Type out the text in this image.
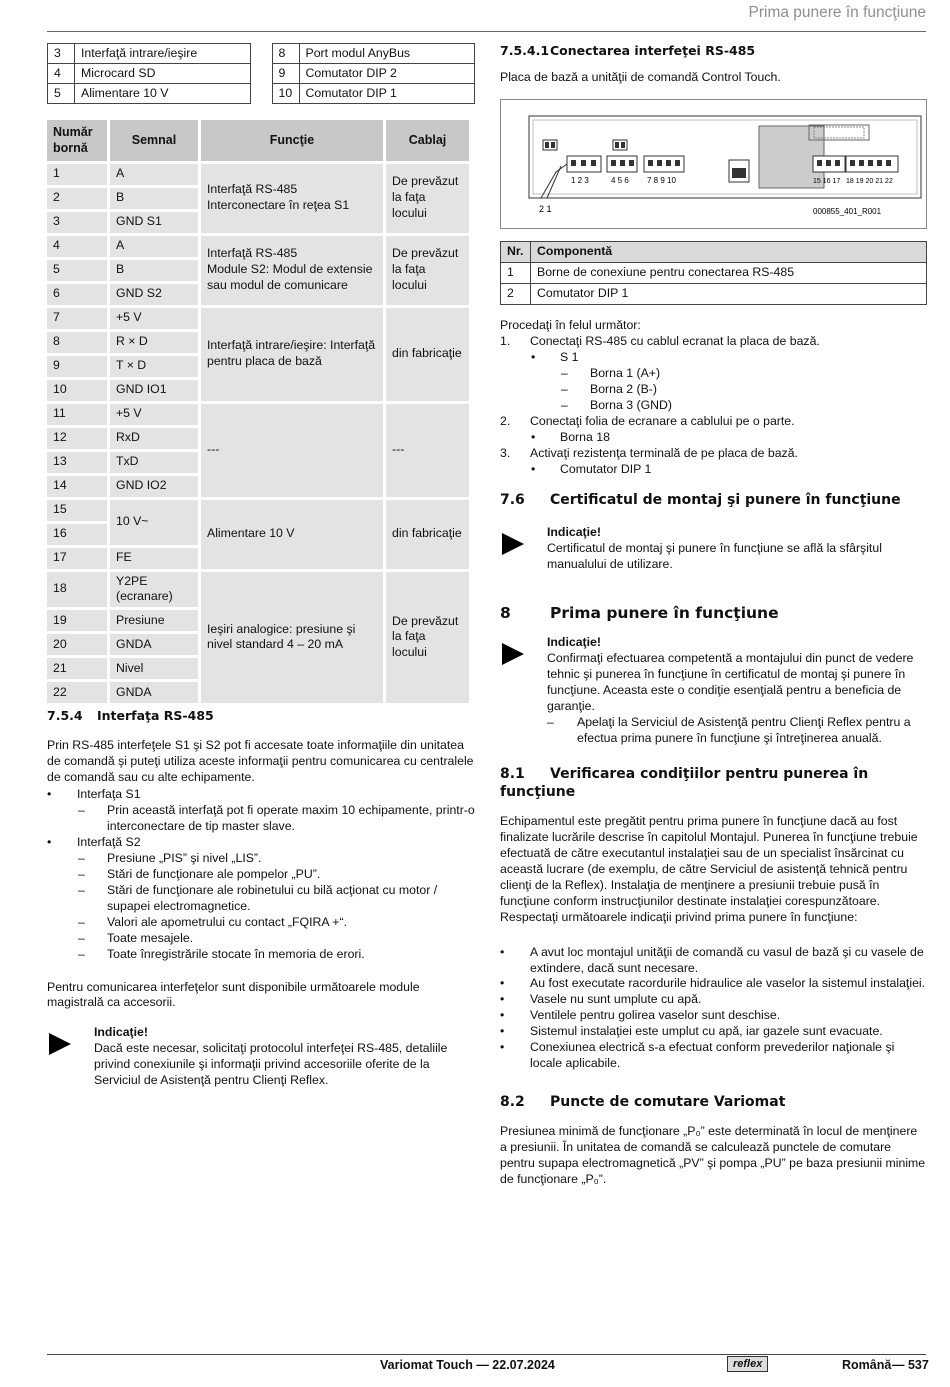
Prima punere în funcţiune
3	Interfaţă intrare/ieşire
4	Microcard SD
5	Alimentare 10 V
8	Port modul AnyBus
9	Comutator DIP 2
10	Comutator DIP 1
Număr bornă	Semnal	Funcţie	Cablaj
1	A	Interfaţă RS-485
Interconectare în reţea S1	De prevăzut la faţa locului
2	B		
3	GND S1		
4	A	Interfaţă RS-485
Module S2: Modul de extensie sau modul de comunicare	De prevăzut la faţa locului
5	B		
6	GND S2		
7	+5 V	Interfaţă intrare/ieşire: Interfaţă pentru placa de bază	din fabricaţie
8	R × D		
9	T × D		
10	GND IO1		
11	+5 V	---	---
12	RxD		
13	TxD		
14	GND IO2		
15	10 V~	Alimentare 10 V	din fabricaţie
16			
17	FE		
18	Y2PE (ecranare)	Ieşiri analogice: presiune şi nivel standard 4 – 20 mA	De prevăzut la faţa locului
19	Presiune		
20	GNDA		
21	Nivel		
22	GNDA		
7.5.4 Interfaţa RS-485

Prin RS-485 interfeţele S1 şi S2 pot fi accesate toate informaţiile din unitatea de comandă şi puteţi utiliza aceste informaţii pentru comunicarea cu centralele de comandă sau cu alte echipamente.

• Interfaţa S1
– Prin această interfaţă pot fi operate maxim 10 echipamente, printr-o interconectare de tip master slave.
• Interfaţă S2
– Presiune „PIS” şi nivel „LIS”.
– Stări de funcţionare ale pompelor „PU”.
– Stări de funcţionare ale robinetului cu bilă acţionat cu motor / supapei electromagnetice.
– Valori ale apometrului cu contact „FQIRA +“.
– Toate mesajele.
– Toate înregistrările stocate în memoria de erori.

Pentru comunicarea interfeţelor sunt disponibile următoarele module magistrală ca accesorii.

Indicaţie!

Dacă este necesar, solicitaţi protocolul interfeţei RS-485, detaliile privind conexiunile şi informaţii privind accesoriile oferite de la Serviciul de Asistenţă pentru Clienţi Reflex.

7.5.4.1Conectarea interfeţei RS-485

Placa de bază a unităţii de comandă Control Touch.

2 1
1 2 3	4 5 6 7 8 9 10	15 16 17 18 19 20 21 22
000855_401_R001
Nr.	Componentă
1	Borne de conexiune pentru conectarea RS-485
2	Comutator DIP 1

Procedaţi în felul următor:

1. Conectaţi RS-485 cu cablul ecranat la placa de bază.
• S 1
– Borna 1 (A+)
– Borna 2 (B-)
– Borna 3 (GND)
2. Conectaţi folia de ecranare a cablului pe o parte.
• Borna 18
3. Activaţi rezistenţa terminală de pe placa de bază.
• Comutator DIP 1
7.6 Certificatul de montaj şi punere în funcţiune
Indicaţie!

Certificatul de montaj şi punere în funcţiune se află la sfârşitul manualului de utilizare.

8	Prima punere în funcţiune
Indicaţie!

Confirmaţi efectuarea competentă a montajului din punct de vedere tehnic şi punerea în funcţiune în certificatul de montaj şi punere în funcţiune. Aceasta este o condiţie esenţială pentru a beneficia de garanţie.

– – Apelaţi la Serviciul de Asistenţă pentru Clienţi Reflex pentru a efectua prima punere în funcţiune şi întreţinerea anuală.
8.1 Verificarea condiţiilor pentru punerea în funcţiune

Echipamentul este pregătit pentru prima punere în funcţiune dacă au fost finalizate lucrările descrise în capitolul Montajul. Punerea în funcţiune trebuie efectuată de către executantul instalaţiei sau de un specialist însărcinat cu această lucrare (de exemplu, de către Serviciul de asistenţă tehnică pentru clienţi de la Reflex). Instalaţia de menţinere a presiunii trebuie pusă în funcţiune conform instrucţiunilor destinate instalaţiei corespunzătoare. Respectaţi următoarele indicaţii privind prima punere în funcţiune:

• A avut loc montajul unităţii de comandă cu vasul de bază şi cu vasele de extindere, dacă sunt necesare.
• Au fost executate racordurile hidraulice ale vaselor la sistemul instalaţiei.
• Vasele nu sunt umplute cu apă.
• Ventilele pentru golirea vaselor sunt deschise.
• Sistemul instalaţiei este umplut cu apă, iar gazele sunt evacuate.
• Conexiunea electrică s-a efectuat conform prevederilor naţionale şi locale aplicabile.
8.2 Puncte de comutare Variomat

Presiunea minimă de funcţionare „P₀” este determinată în locul de menţinere a presiunii. În unitatea de comandă se calculează punctele de comutare pentru supapa electromagnetică „PV” şi pompa „PU” pe baza presiunii minime de funcţionare „P₀”.

Variomat Touch — 22.07.2024	reflex	Română — 537
